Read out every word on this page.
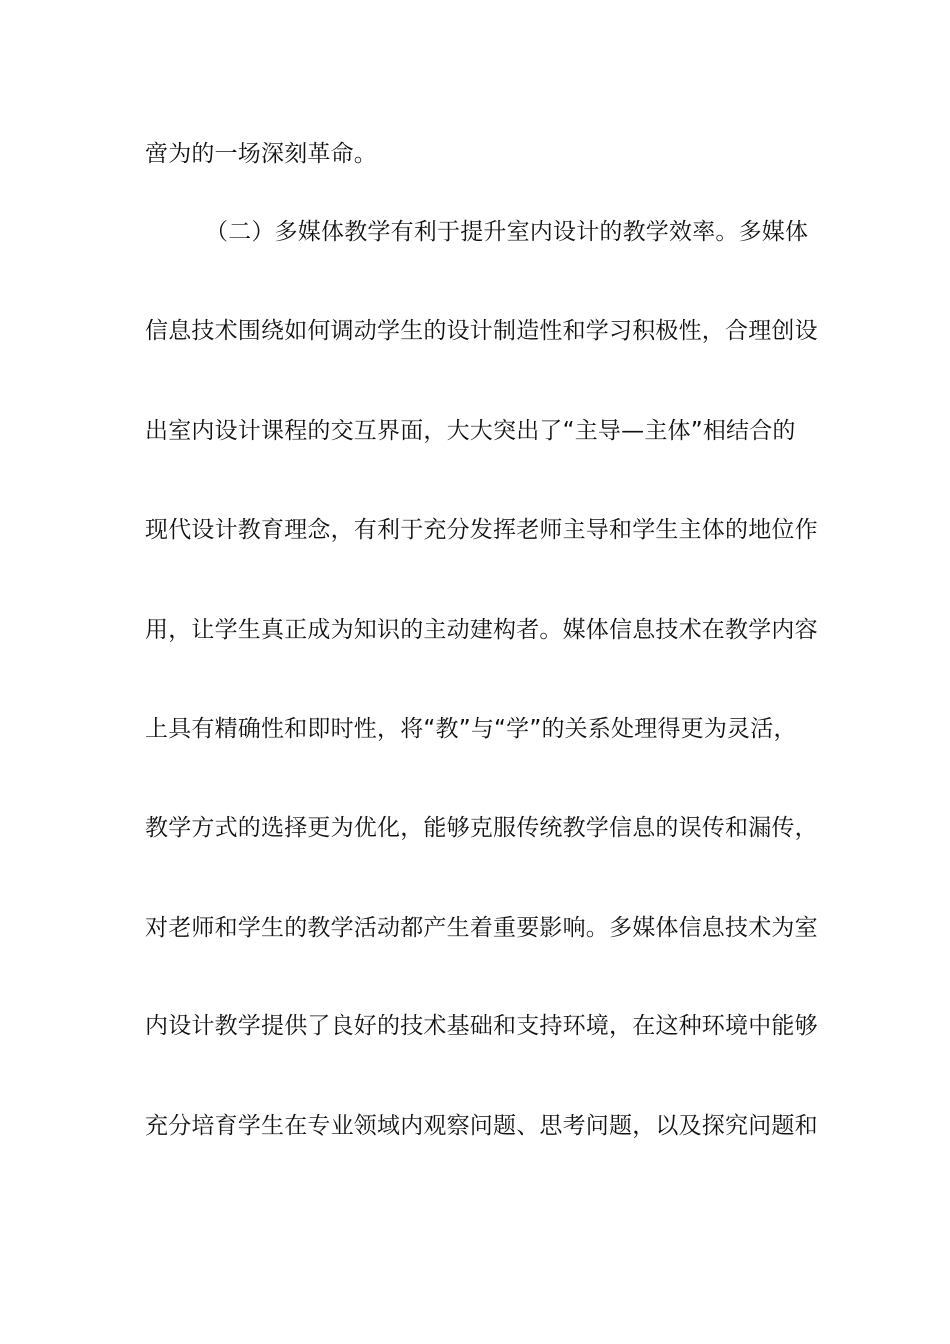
啻为的一场深刻革命。
（二）多媒体教学有利于提升室内设计的教学效率。多媒体
信息技术围绕如何调动学生的设计制造性和学习积极性，合理创设
出室内设计课程的交互界面，大大突出了“主导—主体”相结合的
现代设计教育理念，有利于充分发挥老师主导和学生主体的地位作
用，让学生真正成为知识的主动建构者。媒体信息技术在教学内容
上具有精确性和即时性，将“教”与“学”的关系处理得更为灵活，
教学方式的选择更为优化，能够克服传统教学信息的误传和漏传，
对老师和学生的教学活动都产生着重要影响。多媒体信息技术为室
内设计教学提供了良好的技术基础和支持环境，在这种环境中能够
充分培育学生在专业领域内观察问题、思考问题，以及探究问题和
